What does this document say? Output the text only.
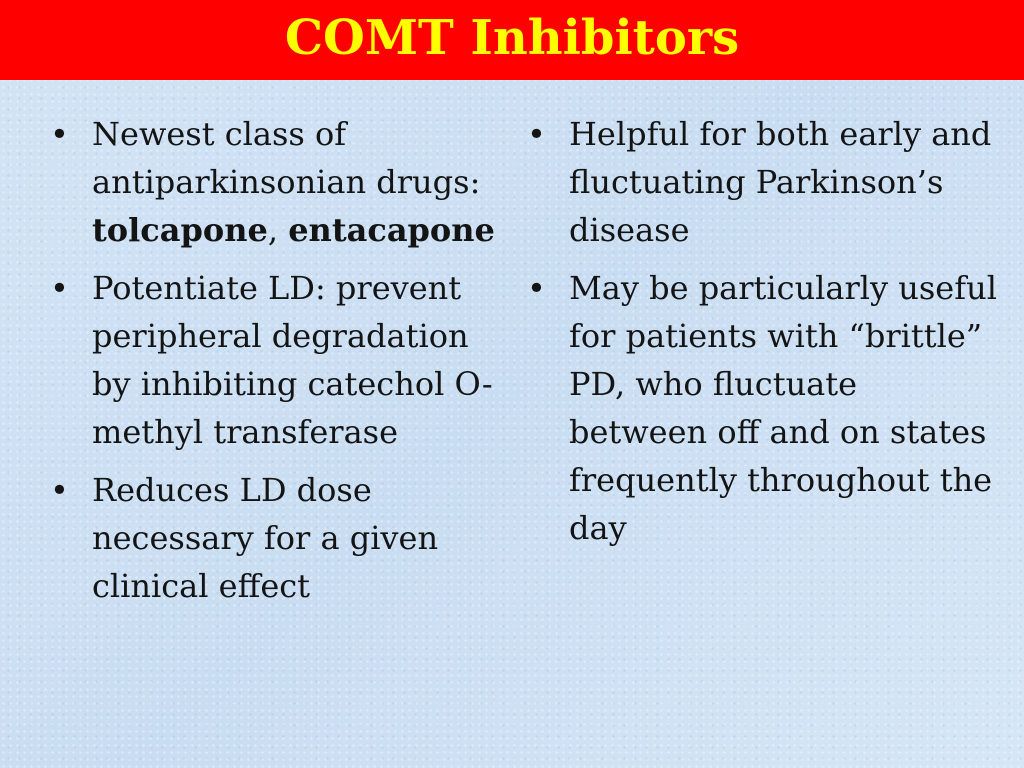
COMT Inhibitors
• Newest class of antiparkinsonian drugs: tolcapone, entacapone
• Potentiate LD: prevent peripheral degradation by inhibiting catechol O-methyl transferase
• Reduces LD dose necessary for a given clinical effect
• Helpful for both early and fluctuating Parkinson’s disease
• May be particularly useful for patients with “brittle” PD, who fluctuate between off and on states frequently throughout the day
